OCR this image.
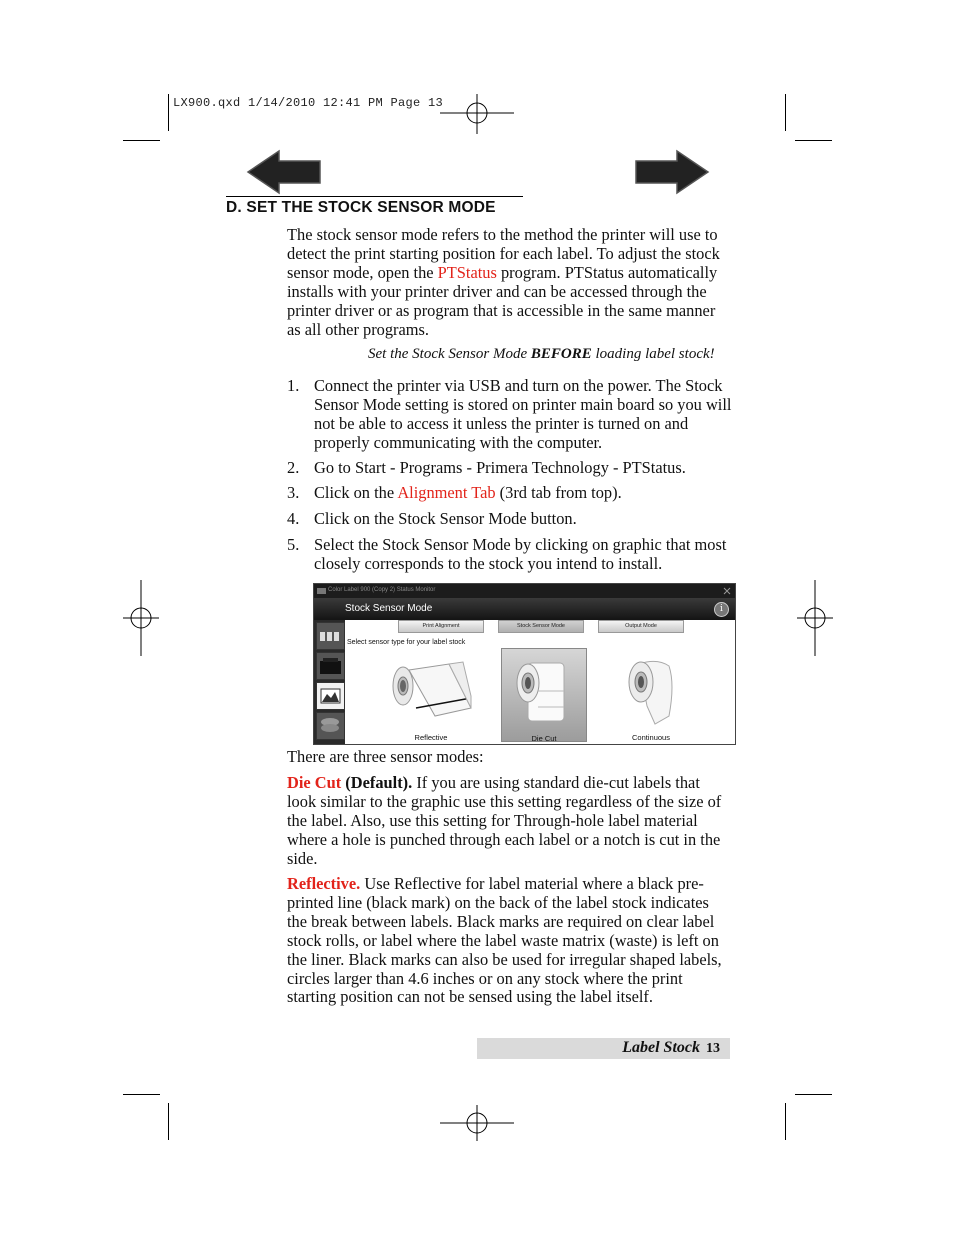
LX900.qxd 1/14/2010 12:41 PM Page 13
D. SET THE STOCK SENSOR MODE
The stock sensor mode refers to the method the printer will use to detect the print starting position for each label. To adjust the stock sensor mode, open the PTStatus program. PTStatus automatically installs with your printer driver and can be accessed through the printer driver or as program that is accessible in the same manner as all other programs.
Set the Stock Sensor Mode BEFORE loading label stock!
1. Connect the printer via USB and turn on the power. The Stock Sensor Mode setting is stored on printer main board so you will not be able to access it unless the printer is turned on and properly communicating with the computer.
2. Go to Start - Programs - Primera Technology - PTStatus.
3. Click on the Alignment Tab (3rd tab from top).
4. Click on the Stock Sensor Mode button.
5. Select the Stock Sensor Mode by clicking on graphic that most closely corresponds to the stock you intend to install.
Color Label 900 (Copy 2) Status Monitor
Stock Sensor Mode	i
Print Alignment	Stock Sensor Mode	Output Mode
Select sensor type for your label stock
Reflective	Die Cut	Continuous
There are three sensor modes:
Die Cut (Default). If you are using standard die-cut labels that look similar to the graphic use this setting regardless of the size of the label. Also, use this setting for Through-hole label material where a hole is punched through each label or a notch is cut in the side.
Reflective. Use Reflective for label material where a black pre-printed line (black mark) on the back of the label stock indicates the break between labels. Black marks are required on clear label stock rolls, or label where the label waste matrix (waste) is left on the liner. Black marks can also be used for irregular shaped labels, circles larger than 4.6 inches or on any stock where the print starting position can not be sensed using the label itself.
Label Stock 13
